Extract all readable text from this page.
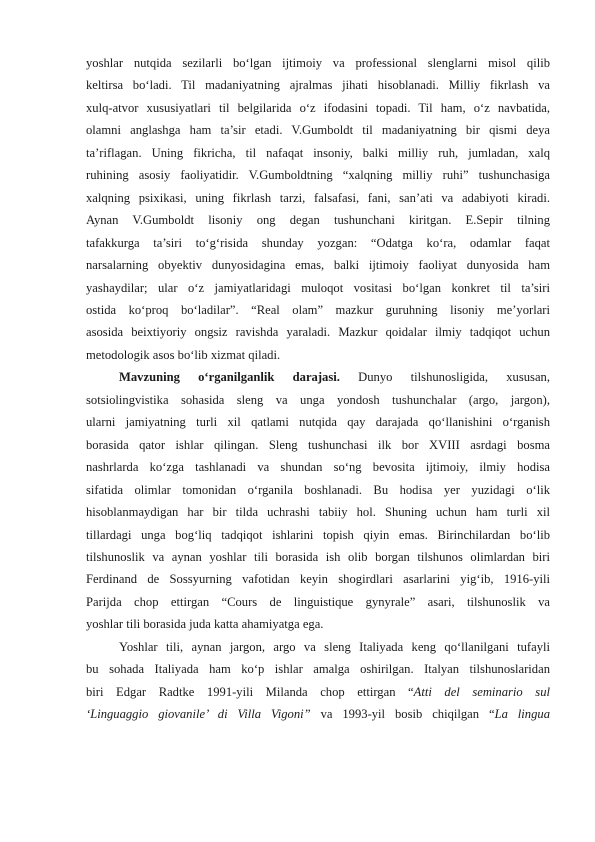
yoshlar nutqida sezilarli bo‘lgan ijtimoiy va professional slenglarni misol qilib
keltirsa bo‘ladi. Til madaniyatning ajralmas jihati hisoblanadi. Milliy fikrlash va
xulq-atvor xususiyatlari til belgilarida o‘z ifodasini topadi. Til ham, o‘z navbatida,
olamni anglashga ham ta’sir etadi. V.Gumboldt til madaniyatning bir qismi deya
ta’riflagan. Uning fikricha, til nafaqat insoniy, balki milliy ruh, jumladan, xalq
ruhining asosiy faoliyatidir. V.Gumboldtning “xalqning milliy ruhi” tushunchasiga
xalqning psixikasi, uning fikrlash tarzi, falsafasi, fani, san’ati va adabiyoti kiradi.
Aynan V.Gumboldt lisoniy ong degan tushunchani kiritgan. E.Sepir tilning
tafakkurga ta’siri to‘g‘risida shunday yozgan: “Odatga ko‘ra, odamlar faqat
narsalarning obyektiv dunyosidagina emas, balki ijtimoiy faoliyat dunyosida ham
yashaydilar; ular o‘z jamiyatlaridagi muloqot vositasi bo‘lgan konkret til ta’siri
ostida ko‘proq bo‘ladilar”. “Real olam” mazkur guruhning lisoniy me’yorlari
asosida beixtiyoriy ongsiz ravishda yaraladi. Mazkur qoidalar ilmiy tadqiqot uchun
metodologik asos bo‘lib xizmat qiladi.
Mavzuning o‘rganilganlik darajasi. Dunyo tilshunosligida, xususan,
sotsiolingvistika sohasida sleng va unga yondosh tushunchalar (argo, jargon),
ularni jamiyatning turli xil qatlami nutqida qay darajada qo‘llanishini o‘rganish
borasida qator ishlar qilingan. Sleng tushunchasi ilk bor XVIII asrdagi bosma
nashrlarda ko‘zga tashlanadi va shundan so‘ng bevosita ijtimoiy, ilmiy hodisa
sifatida olimlar tomonidan o‘rganila boshlanadi. Bu hodisa yer yuzidagi o‘lik
hisoblanmaydigan har bir tilda uchrashi tabiiy hol. Shuning uchun ham turli xil
tillardagi unga bog‘liq tadqiqot ishlarini topish qiyin emas. Birinchilardan bo‘lib
tilshunoslik va aynan yoshlar tili borasida ish olib borgan tilshunos olimlardan biri
Ferdinand de Sossyurning vafotidan keyin shogirdlari asarlarini yig‘ib, 1916-yili
Parijda chop ettirgan “Cours de linguistique gynyrale” asari, tilshunoslik va
yoshlar tili borasida juda katta ahamiyatga ega.
Yoshlar tili, aynan jargon, argo va sleng Italiyada keng qo‘llanilgani tufayli
bu sohada Italiyada ham ko‘p ishlar amalga oshirilgan. Italyan tilshunoslaridan
biri Edgar Radtke 1991-yili Milanda chop ettirgan “Atti del seminario sul
‘Linguaggio giovanile’ di Villa Vigoni” va 1993-yil bosib chiqilgan “La lingua
